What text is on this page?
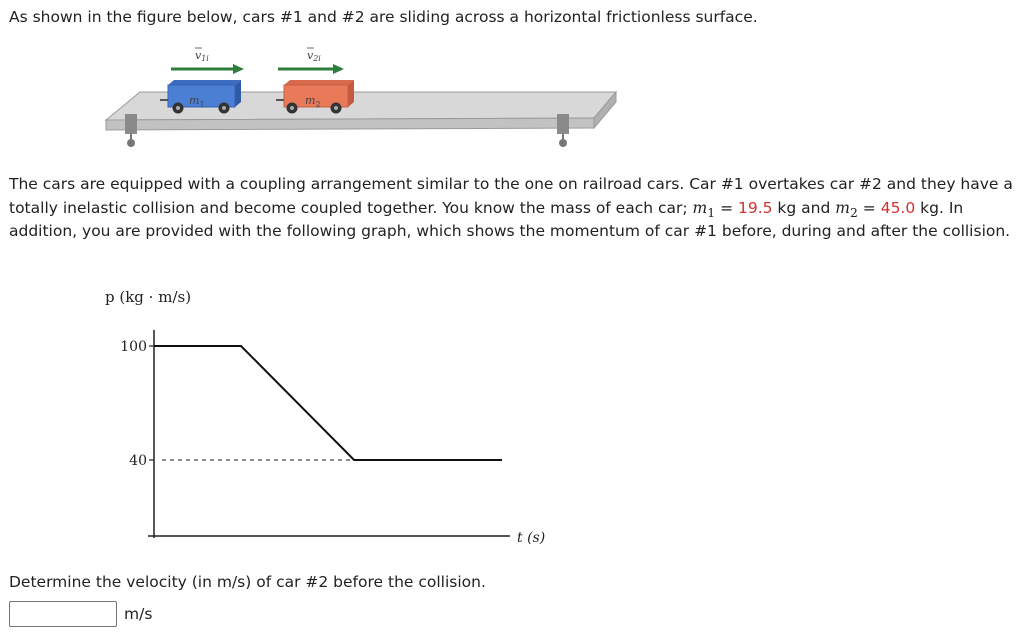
As shown in the figure below, cars #1 and #2 are sliding across a horizontal frictionless surface.
$m_1$	$m_2$
v1i	v2i
The cars are equipped with a coupling arrangement similar to the one on railroad cars. Car #1 overtakes car #2 and they have a totally inelastic collision and become coupled together. You know the mass of each car; $m_1 = 19.5$ kg and $m_2 = 45.0$ kg. In addition, you are provided with the following graph, which shows the momentum of car #1 before, during and after the collision.
p (kg · m/s)
t (s)
100
40
Determine the velocity (in m/s) of car #2 before the collision.
m/s
